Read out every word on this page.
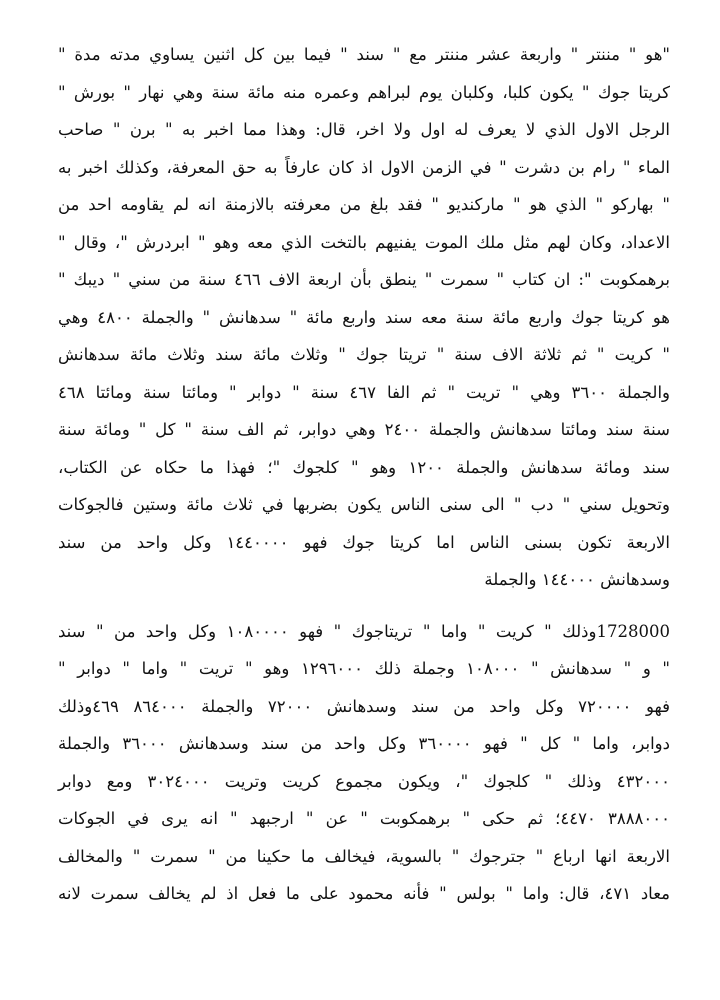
"هو " مننتر " واربعة عشر مننتر مع " سند " فيما بين كل اثنين يساوي مدته مدة "
كريتا جوك " يكون كلبا، وكلبان يوم لبراهم وعمره منه مائة سنة وهي نهار " بورش "
الرجل الاول الذي لا يعرف له اول ولا اخر، قال: وهذا مما اخبر به " برن " صاحب
الماء " رام بن دشرت " في الزمن الاول اذ كان عارفاً به حق المعرفة، وكذلك اخبر به
" بهاركو " الذي هو " ماركنديو " فقد بلغ من معرفته بالازمنة انه لم يقاومه احد من
الاعداد، وكان لهم مثل ملك الموت يفنيهم بالتخت الذي معه وهو " ابردرش "، وقال "
برهمكوبت ": ان كتاب " سمرت " ينطق بأن اربعة الاف ٤٦٦ سنة من سني " ديبك "
هو كريتا جوك واربع مائة سنة معه سند واربع مائة " سدهانش " والجملة ٤٨٠٠ وهي
" كريت " ثم ثلاثة الاف سنة " تريتا جوك " وثلاث مائة سند وثلاث مائة سدهانش
والجملة ٣٦٠٠ وهي " تريت " ثم الفا ٤٦٧ سنة " دوابر " ومائتا سنة ومائتا ٤٦٨
سنة سند ومائتا سدهانش والجملة ٢٤٠٠ وهي دوابر، ثم الف سنة " كل " ومائة سنة
سند ومائة سدهانش والجملة ١٢٠٠ وهو " كلجوك "؛ فهذا ما حكاه عن الكتاب،
وتحويل سني " دب " الى سنى الناس يكون بضربها في ثلاث مائة وستين فالجوكات
الاربعة تكون بسنى الناس اما كريتا جوك فهو ١٤٤٠٠٠٠ وكل واحد من سند
وسدهانش ١٤٤٠٠٠ والجملة

1728000وذلك " كريت " واما " تريتاجوك " فهو ١٠٨٠٠٠٠ وكل واحد من " سند
" و " سدهانش " ١٠٨٠٠٠ وجملة ذلك ١٢٩٦٠٠٠ وهو " تريت " واما " دوابر "
فهو ٧٢٠٠٠٠ وكل واحد من سند وسدهانش ٧٢٠٠٠ والجملة ٨٦٤٠٠٠ ٤٦٩وذلك
دوابر، واما " كل " فهو ٣٦٠٠٠٠ وكل واحد من سند وسدهانش ٣٦٠٠٠ والجملة
٤٣٢٠٠٠ وذلك " كلجوك "، ويكون مجموع كريت وتريت ٣٠٢٤٠٠٠ ومع دوابر
٣٨٨٨٠٠٠ ٤٤٧٠؛ ثم حكى " برهمكوبت " عن " ارجبهد " انه يرى في الجوكات
الاربعة انها ارباع " جترجوك " بالسوية، فيخالف ما حكينا من " سمرت " والمخالف
معاد ٤٧١، قال: واما " بولس " فأنه محمود على ما فعل اذ لم يخالف سمرت لانه
